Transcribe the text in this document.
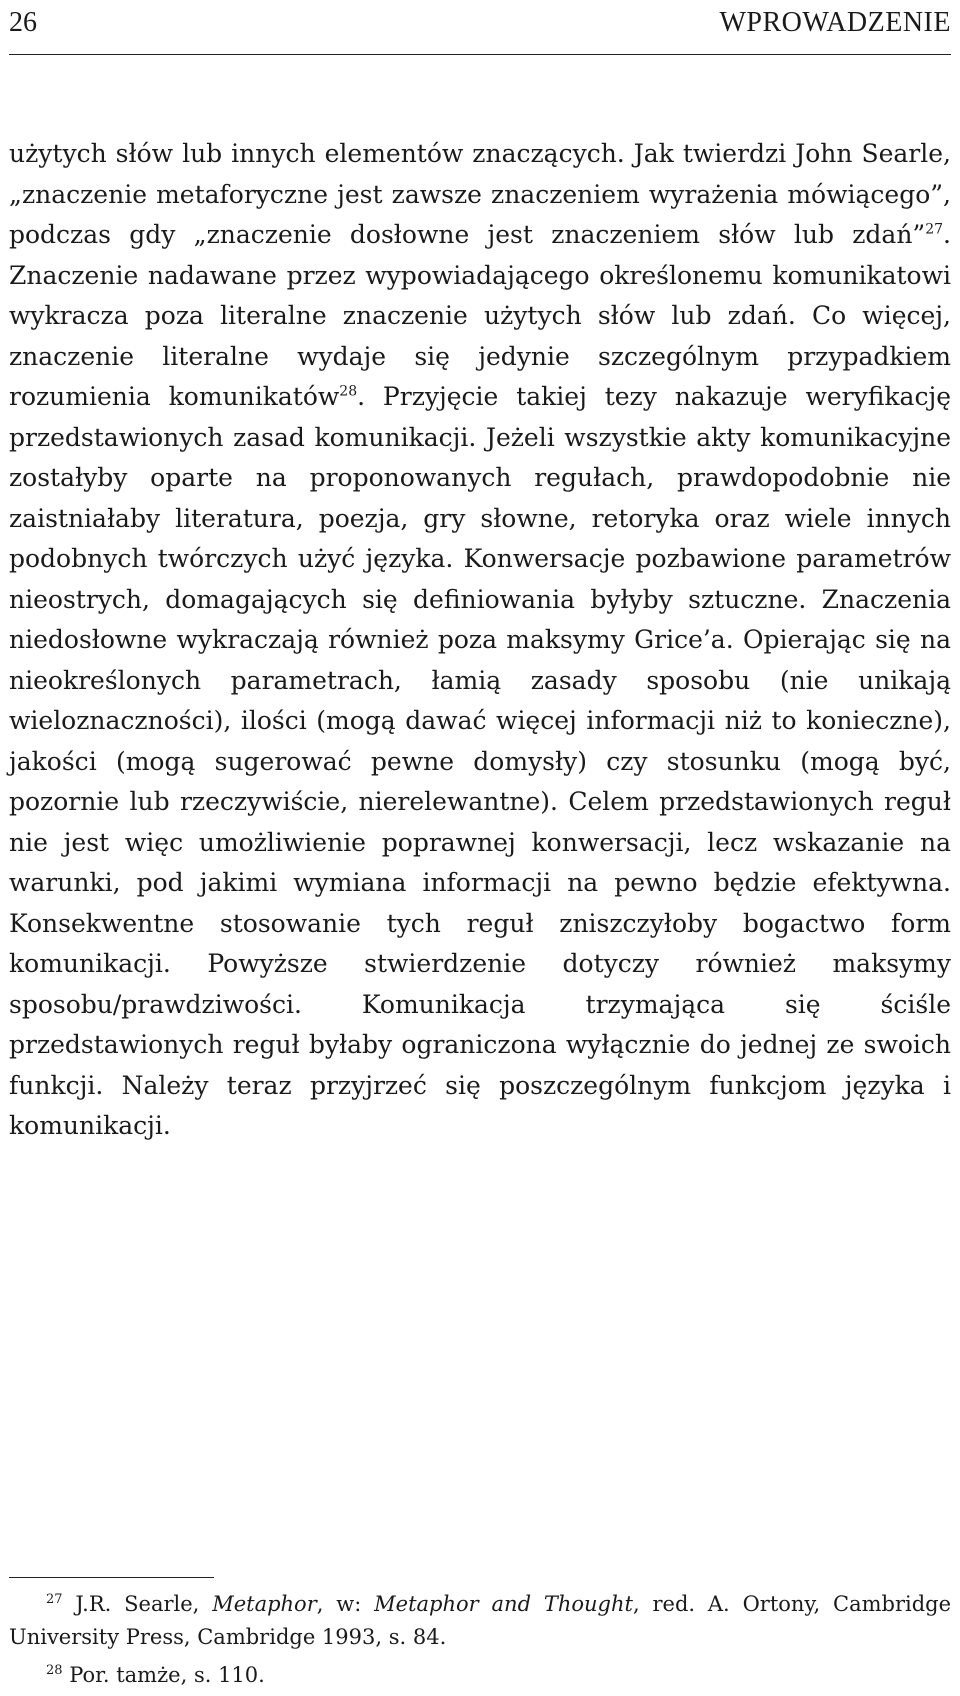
26	WPROWADZENIE

użytych słów lub innych elementów znaczących. Jak twierdzi John Searle, „znaczenie metaforyczne jest zawsze znaczeniem wyrażenia mówiącego”, podczas gdy „znaczenie dosłowne jest znaczeniem słów lub zdań”$^{27}$. Znaczenie nadawane przez wypowiadającego określonemu komunikatowi wykracza poza literalne znaczenie użytych słów lub zdań. Co więcej, znaczenie literalne wydaje się jedynie szczególnym przypadkiem rozumienia komunikatów$^{28}$. Przyjęcie takiej tezy nakazuje weryfikację przedstawionych zasad komunikacji. Jeżeli wszystkie akty komunikacyjne zostałyby oparte na proponowanych regułach, prawdopodobnie nie zaistniałaby literatura, poezja, gry słowne, retoryka oraz wiele innych podobnych twórczych użyć języka. Konwersacje pozbawione parametrów nieostrych, domagających się definiowania byłyby sztuczne. Znaczenia niedosłowne wykraczają również poza maksymy Grice’a. Opierając się na nieokreślonych parametrach, łamią zasady sposobu (nie unikają wieloznaczności), ilości (mogą dawać więcej informacji niż to konieczne), jakości (mogą sugerować pewne domysły) czy stosunku (mogą być, pozornie lub rzeczywiście, nierelewantne). Celem przedstawionych reguł nie jest więc umożliwienie poprawnej konwersacji, lecz wskazanie na warunki, pod jakimi wymiana informacji na pewno będzie efektywna. Konsekwentne stosowanie tych reguł zniszczyłoby bogactwo form komunikacji. Powyższe stwierdzenie dotyczy również maksymy sposobu/prawdziwości. Komunikacja trzymająca się ściśle przedstawionych reguł byłaby ograniczona wyłącznie do jednej ze swoich funkcji. Należy teraz przyjrzeć się poszczególnym funkcjom języka i komunikacji.

$^{27}$ J.R. Searle, Metaphor, w: Metaphor and Thought, red. A. Ortony, Cambridge University Press, Cambridge 1993, s. 84.

$^{28}$ Por. tamże, s. 110.
